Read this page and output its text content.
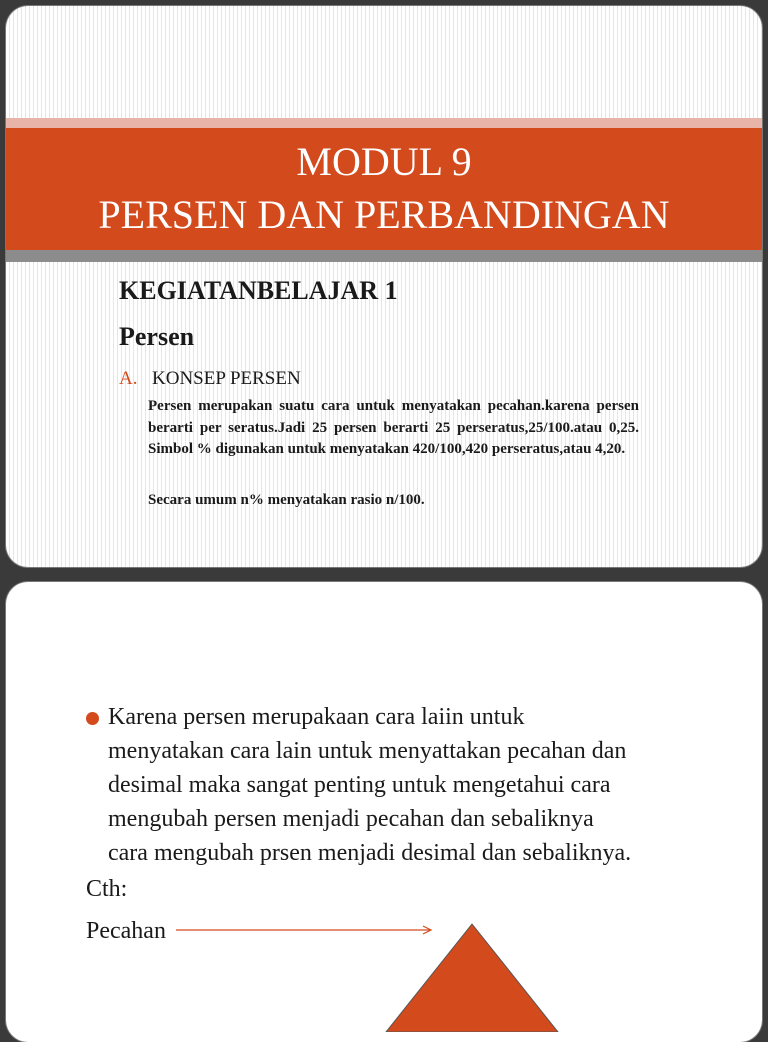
MODUL 9
PERSEN DAN PERBANDINGAN
KEGIATANBELAJAR 1
Persen
A. KONSEP PERSEN
Persen merupakan suatu cara untuk menyatakan pecahan.karena persen berarti per seratus.Jadi 25 persen berarti 25 perseratus,25/100.atau 0,25. Simbol % digunakan untuk menyatakan 420/100,420 perseratus,atau 4,20.
Secara umum n% menyatakan rasio n/100.
Karena persen merupakaan cara laiin untuk
menyatakan cara lain untuk menyattakan pecahan dan
desimal maka sangat penting untuk mengetahui cara
mengubah persen menjadi pecahan dan sebaliknya
cara mengubah prsen menjadi desimal dan sebaliknya.
Cth:
Pecahan
